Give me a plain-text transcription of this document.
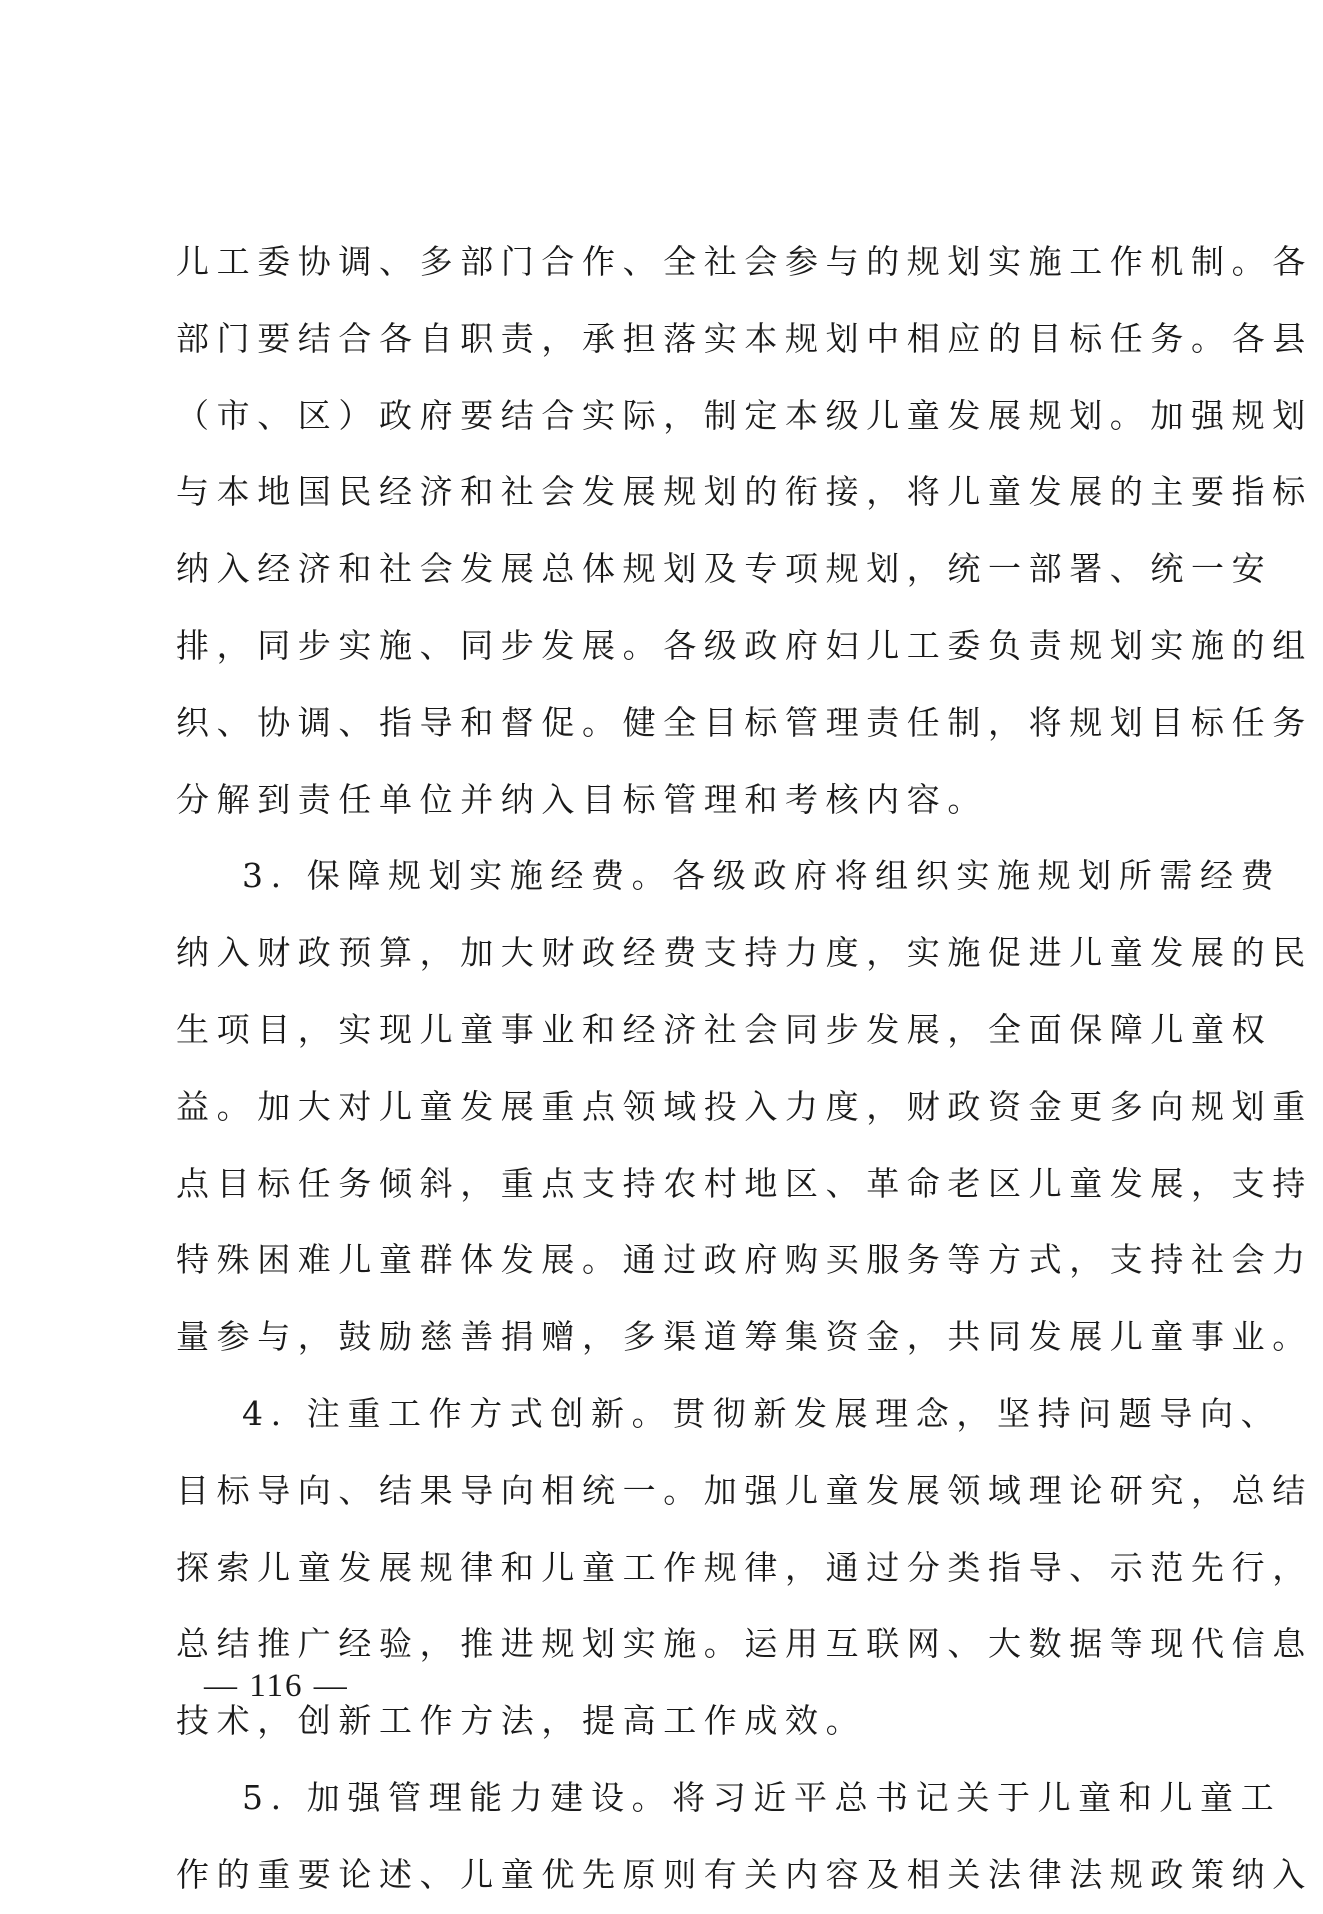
儿工委协调、多部门合作、全社会参与的规划实施工作机制。各
部门要结合各自职责，承担落实本规划中相应的目标任务。各县
（市、区）政府要结合实际，制定本级儿童发展规划。加强规划
与本地国民经济和社会发展规划的衔接，将儿童发展的主要指标
纳入经济和社会发展总体规划及专项规划，统一部署、统一安
排，同步实施、同步发展。各级政府妇儿工委负责规划实施的组
织、协调、指导和督促。健全目标管理责任制，将规划目标任务
分解到责任单位并纳入目标管理和考核内容。
3. 保障规划实施经费。各级政府将组织实施规划所需经费
纳入财政预算，加大财政经费支持力度，实施促进儿童发展的民
生项目，实现儿童事业和经济社会同步发展，全面保障儿童权
益。加大对儿童发展重点领域投入力度，财政资金更多向规划重
点目标任务倾斜，重点支持农村地区、革命老区儿童发展，支持
特殊困难儿童群体发展。通过政府购买服务等方式，支持社会力
量参与，鼓励慈善捐赠，多渠道筹集资金，共同发展儿童事业。
4. 注重工作方式创新。贯彻新发展理念，坚持问题导向、
目标导向、结果导向相统一。加强儿童发展领域理论研究，总结
探索儿童发展规律和儿童工作规律，通过分类指导、示范先行，
总结推广经验，推进规划实施。运用互联网、大数据等现代信息
技术，创新工作方法，提高工作成效。
5. 加强管理能力建设。将习近平总书记关于儿童和儿童工
作的重要论述、儿童优先原则有关内容及相关法律法规政策纳入
— 116 —
